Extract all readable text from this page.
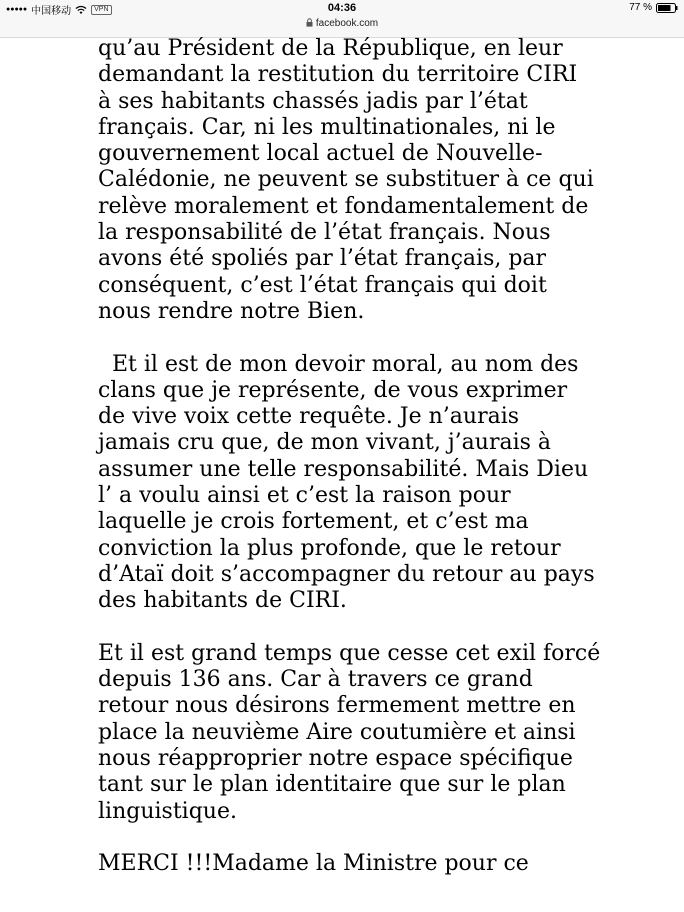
●●●●● 中国移动	VPN	04:36
facebook.com
77 %

qu’au Président de la République, en leur

demandant la restitution du territoire CIRI

à ses habitants chassés jadis par l’état

français. Car, ni les multinationales, ni le

gouvernement local actuel de Nouvelle-

Calédonie, ne peuvent se substituer à ce qui

relève moralement et fondamentalement de

la responsabilité de l’état français. Nous

avons été spoliés par l’état français, par

conséquent, c’est l’état français qui doit

nous rendre notre Bien.

Et il est de mon devoir moral, au nom des

clans que je représente, de vous exprimer

de vive voix cette requête. Je n’aurais

jamais cru que, de mon vivant, j’aurais à

assumer une telle responsabilité. Mais Dieu

l’ a voulu ainsi et c’est la raison pour

laquelle je crois fortement, et c’est ma

conviction la plus profonde, que le retour

d’Ataï doit s’accompagner du retour au pays

des habitants de CIRI.

Et il est grand temps que cesse cet exil forcé

depuis 136 ans. Car à travers ce grand

retour nous désirons fermement mettre en

place la neuvième Aire coutumière et ainsi

nous réapproprier notre espace spécifique

tant sur le plan identitaire que sur le plan

linguistique.

MERCI !!!Madame la Ministre pour ce
